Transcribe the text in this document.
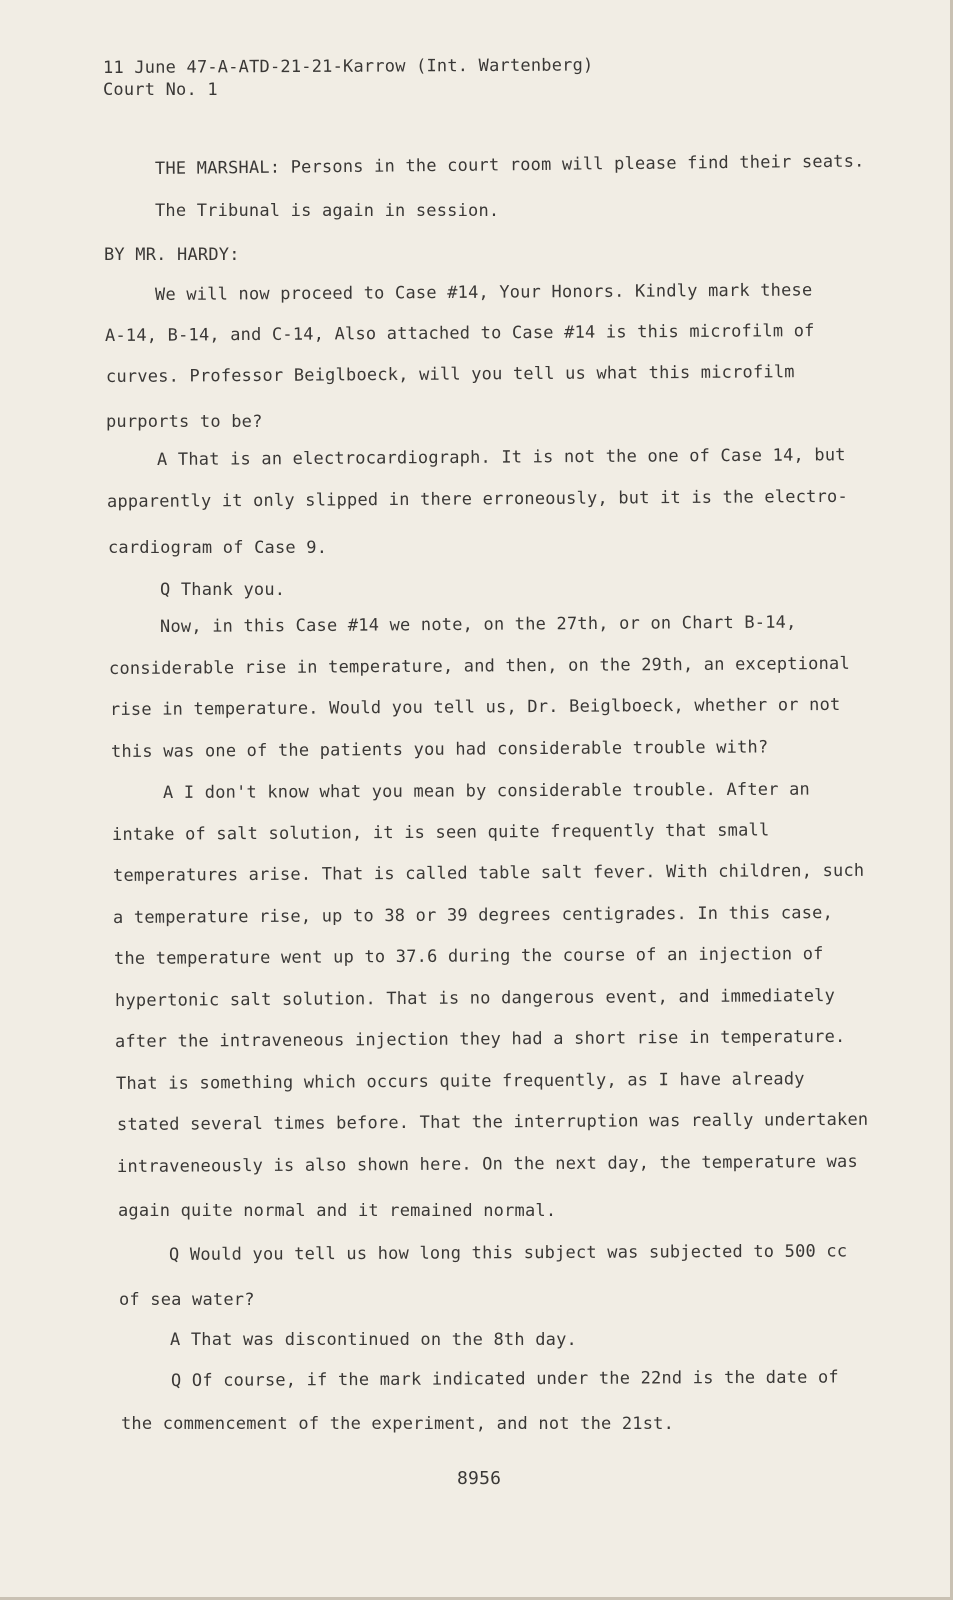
11 June 47-A-ATD-21-21-Karrow (Int. Wartenberg)
Court No. 1
THE MARSHAL: Persons in the court room will please find their seats.
The Tribunal is again in session.
BY MR. HARDY:
We will now proceed to Case #14, Your Honors. Kindly mark these
A-14, B-14, and C-14, Also attached to Case #14 is this microfilm of
curves. Professor Beiglboeck, will you tell us what this microfilm
purports to be?
A That is an electrocardiograph. It is not the one of Case 14, but
apparently it only slipped in there erroneously, but it is the electro-
cardiogram of Case 9.
Q Thank you.
Now, in this Case #14 we note, on the 27th, or on Chart B-14,
considerable rise in temperature, and then, on the 29th, an exceptional
rise in temperature. Would you tell us, Dr. Beiglboeck, whether or not
this was one of the patients you had considerable trouble with?
A I don't know what you mean by considerable trouble. After an
intake of salt solution, it is seen quite frequently that small
temperatures arise. That is called table salt fever. With children, such
a temperature rise, up to 38 or 39 degrees centigrades. In this case,
the temperature went up to 37.6 during the course of an injection of
hypertonic salt solution. That is no dangerous event, and immediately
after the intraveneous injection they had a short rise in temperature.
That is something which occurs quite frequently, as I have already
stated several times before. That the interruption was really undertaken
intraveneously is also shown here. On the next day, the temperature was
again quite normal and it remained normal.
Q Would you tell us how long this subject was subjected to 500 cc
of sea water?
A That was discontinued on the 8th day.
Q Of course, if the mark indicated under the 22nd is the date of
the commencement of the experiment, and not the 21st.
8956
